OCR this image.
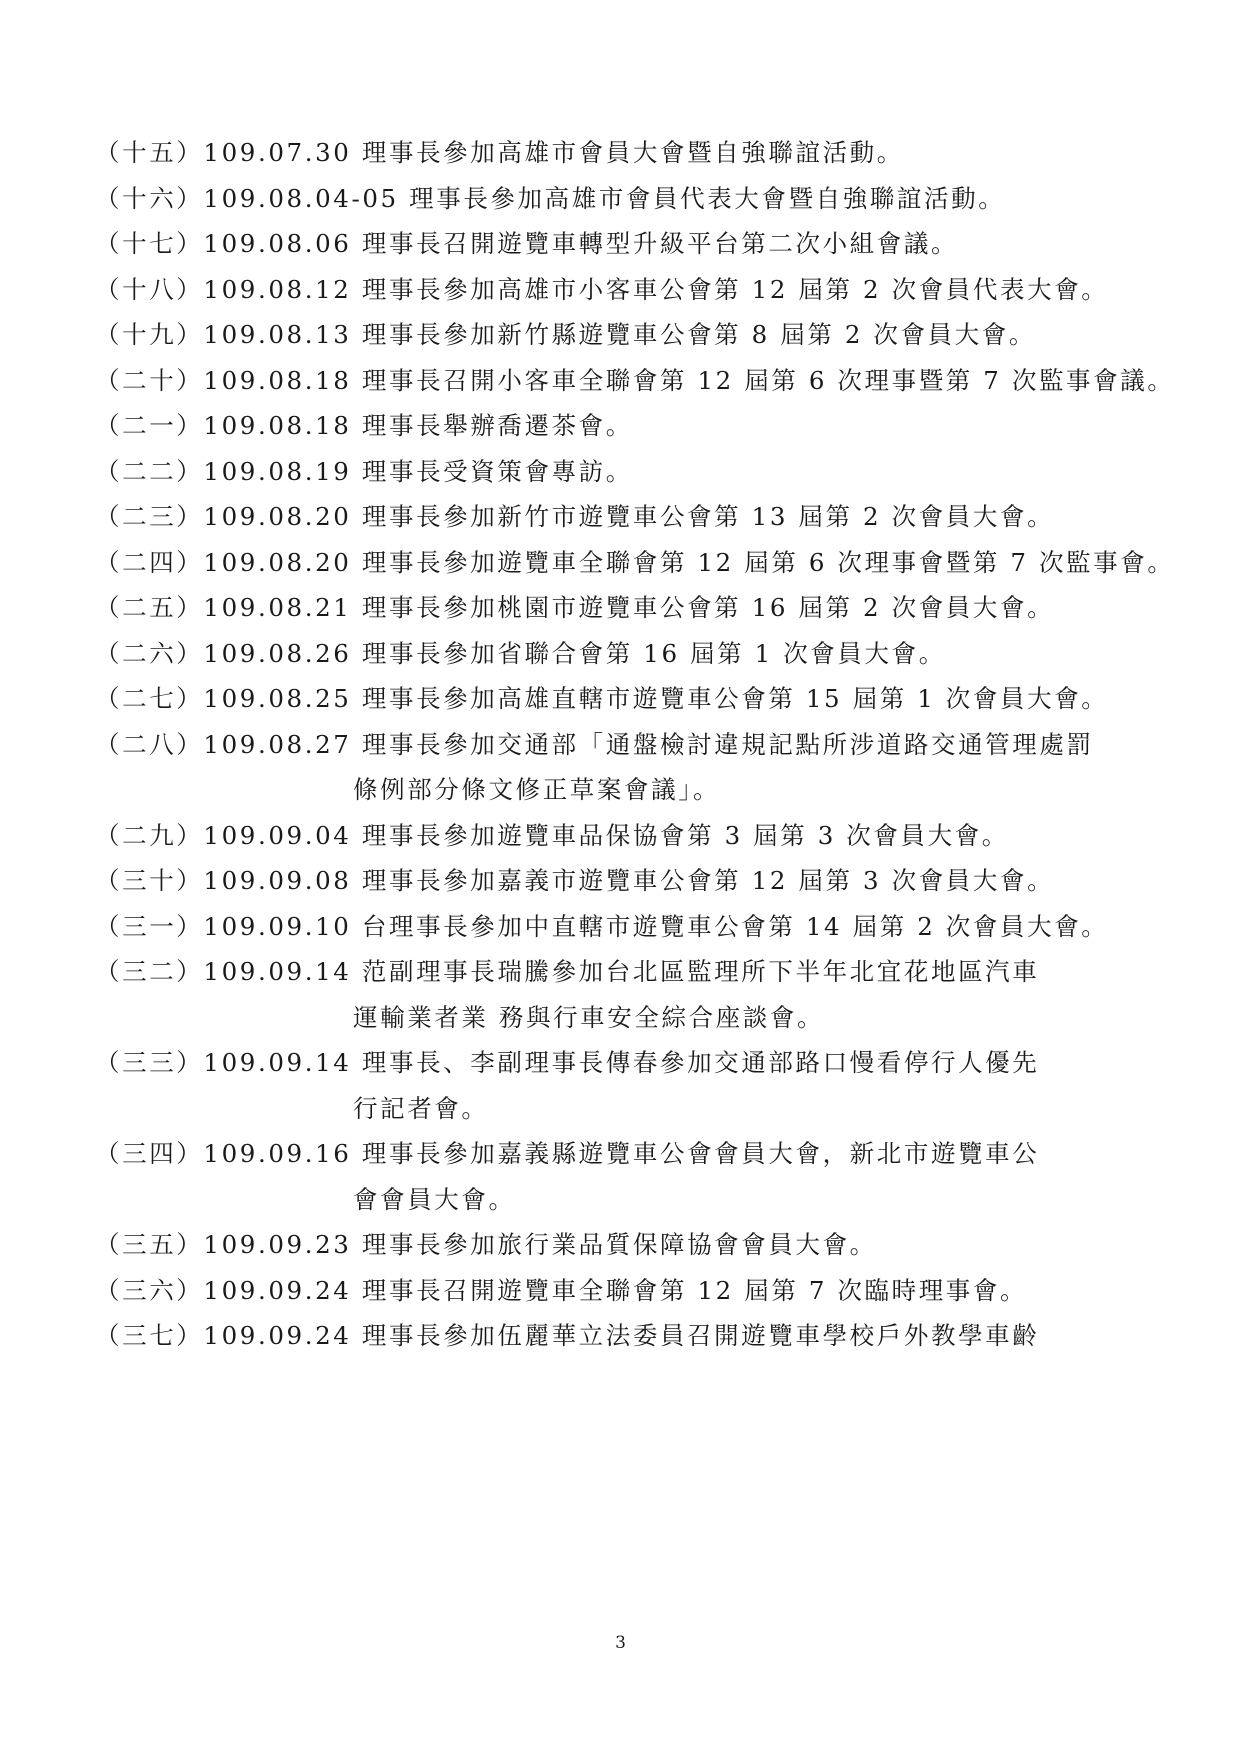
（十五） 109.07.30 理事長參加高雄市會員大會暨自強聯誼活動。
（十六） 109.08.04-05 理事長參加高雄市會員代表大會暨自強聯誼活動。
（十七） 109.08.06 理事長召開遊覽車轉型升級平台第二次小組會議。
（十八） 109.08.12 理事長參加高雄市小客車公會第 12 屆第 2 次會員代表大會。
（十九） 109.08.13 理事長參加新竹縣遊覽車公會第 8 屆第 2 次會員大會。
（二十） 109.08.18 理事長召開小客車全聯會第 12 屆第 6 次理事暨第 7 次監事會議。
（二一） 109.08.18 理事長舉辦喬遷茶會。
（二二） 109.08.19 理事長受資策會專訪。
（二三） 109.08.20 理事長參加新竹市遊覽車公會第 13 屆第 2 次會員大會。
（二四） 109.08.20 理事長參加遊覽車全聯會第 12 屆第 6 次理事會暨第 7 次監事會。
（二五） 109.08.21 理事長參加桃園市遊覽車公會第 16 屆第 2 次會員大會。
（二六） 109.08.26 理事長參加省聯合會第 16 屆第 1 次會員大會。
（二七） 109.08.25 理事長參加高雄直轄市遊覽車公會第 15 屆第 1 次會員大會。
（二八） 109.08.27 理事長參加交通部「通盤檢討違規記點所涉道路交通管理處罰
條例部分條文修正草案會議」。
（二九） 109.09.04 理事長參加遊覽車品保協會第 3 屆第 3 次會員大會。
（三十） 109.09.08 理事長參加嘉義市遊覽車公會第 12 屆第 3 次會員大會。
（三一） 109.09.10 台理事長參加中直轄市遊覽車公會第 14 屆第 2 次會員大會。
（三二） 109.09.14 范副理事長瑞騰參加台北區監理所下半年北宜花地區汽車
運輸業者業 務與行車安全綜合座談會。
（三三） 109.09.14 理事長、李副理事長傳春參加交通部路口慢看停行人優先
行記者會。
（三四） 109.09.16 理事長參加嘉義縣遊覽車公會會員大會，新北市遊覽車公
會會員大會。
（三五） 109.09.23 理事長參加旅行業品質保障協會會員大會。
（三六） 109.09.24 理事長召開遊覽車全聯會第 12 屆第 7 次臨時理事會。
（三七） 109.09.24 理事長參加伍麗華立法委員召開遊覽車學校戶外教學車齡
3
